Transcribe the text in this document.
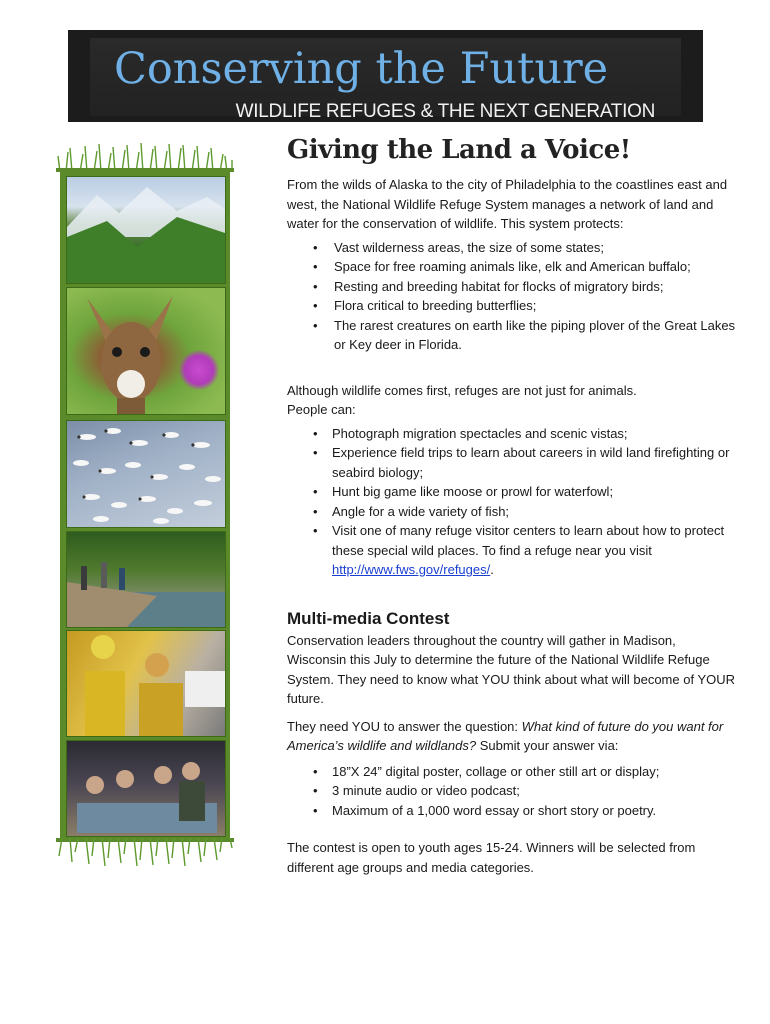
Conserving the Future
WILDLIFE REFUGES & THE NEXT GENERATION
Giving the Land a Voice!

From the wilds of Alaska to the city of Philadelphia to the coastlines east and west, the National Wildlife Refuge System manages a network of land and water for the conservation of wildlife. This system protects:

• Vast wilderness areas, the size of some states;
• Space for free roaming animals like, elk and American buffalo;
• Resting and breeding habitat for flocks of migratory birds;
• Flora critical to breeding butterflies;
• The rarest creatures on earth like the piping plover of the Great Lakes or Key deer in Florida.

Although wildlife comes first, refuges are not just for animals. People can:

• Photograph migration spectacles and scenic vistas;
• Experience field trips to learn about careers in wild land firefighting or seabird biology;
• Hunt big game like moose or prowl for waterfowl;
• Angle for a wide variety of fish;
• Visit one of many refuge visitor centers to learn about how to protect these special wild places. To find a refuge near you visit http://www.fws.gov/refuges/.
Multi-media Contest

Conservation leaders throughout the country will gather in Madison, Wisconsin this July to determine the future of the National Wildlife Refuge System. They need to know what YOU think about what will become of YOUR future.

They need YOU to answer the question: What kind of future do you want for America’s wildlife and wildlands? Submit your answer via:

• 18”X 24” digital poster, collage or other still art or display;
• 3 minute audio or video podcast;
• Maximum of a 1,000 word essay or short story or poetry.

The contest is open to youth ages 15-24. Winners will be selected from different age groups and media categories.
